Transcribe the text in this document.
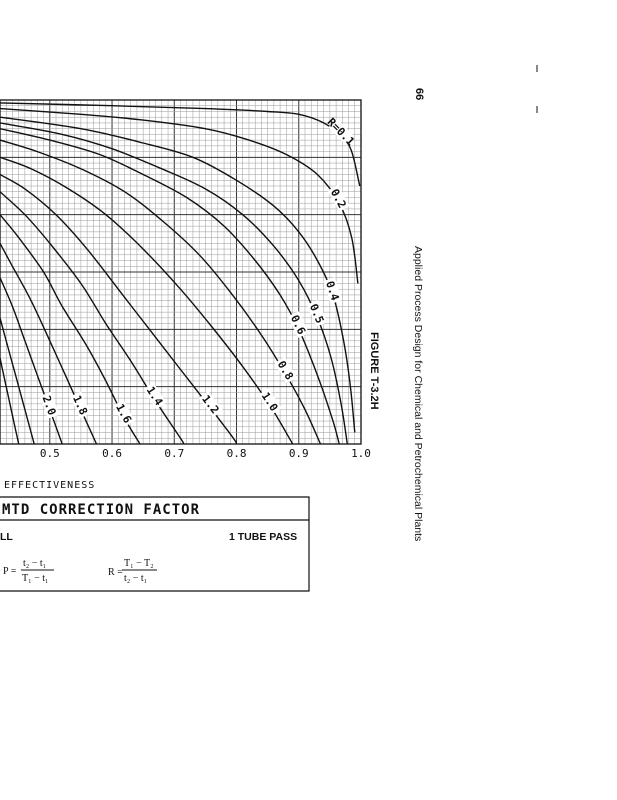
R=0.1
0.2
0.4
0.5
0.6
0.8
1.0
1.2
1.4
1.6
1.8
2.0
0.5	0.6	0.7	0.8	0.9	1.0
EFFECTIVENESS
MTD CORRECTION FACTOR
LL	1 TUBE PASS
P =
t₂ − t₁
T₁ − t₁
R =
T₁ − T₂
t₂ − t₁
FIGURE T-3.2H	Applied Process Design for Chemical and Petrochemical Plants
66
